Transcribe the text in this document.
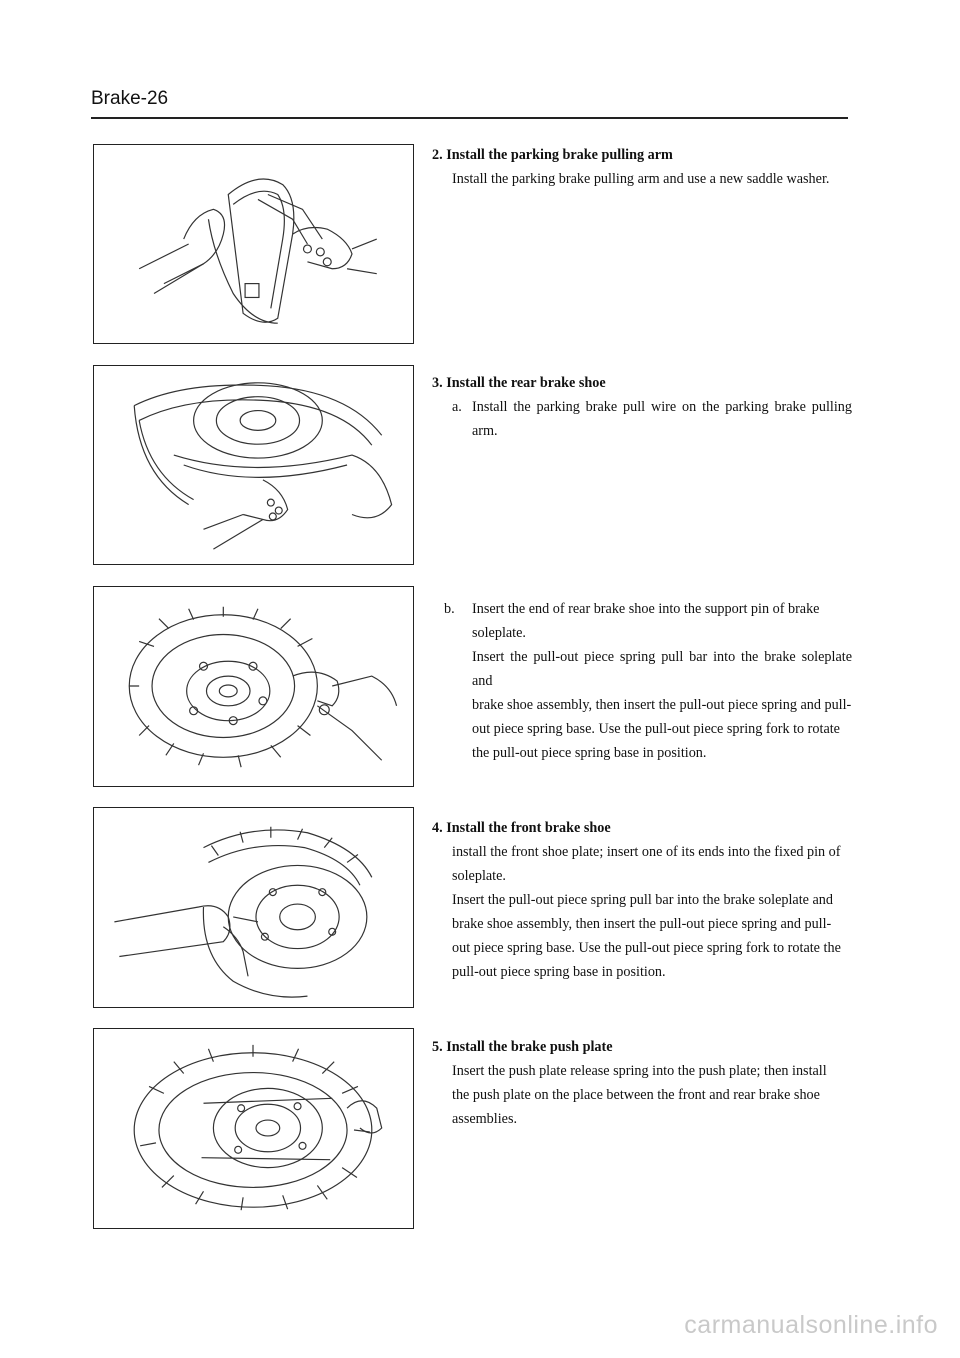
Brake-26
2. Install the parking brake pulling arm
Install the parking brake pulling arm and use a new saddle washer.
3. Install the rear brake shoe
a. Install the parking brake pull wire on the parking brake pulling arm.
b.	Insert the end of rear brake shoe into the support pin of brake
soleplate.
Insert the pull-out piece spring pull bar into the brake soleplate and
brake shoe assembly, then insert the pull-out piece spring and pull-
out piece spring base. Use the pull-out piece spring fork to rotate
the pull-out piece spring base in position.
4. Install the front brake shoe
install the front shoe plate; insert one of its ends into the fixed pin of
soleplate.
Insert the pull-out piece spring pull bar into the brake soleplate and
brake shoe assembly, then insert the pull-out piece spring and pull-
out piece spring base. Use the pull-out piece spring fork to rotate the
pull-out piece spring base in position.
5. Install the brake push plate
Insert the push plate release spring into the push plate; then install
the push plate on the place between the front and rear brake shoe
assemblies.
carmanualsonline.info
